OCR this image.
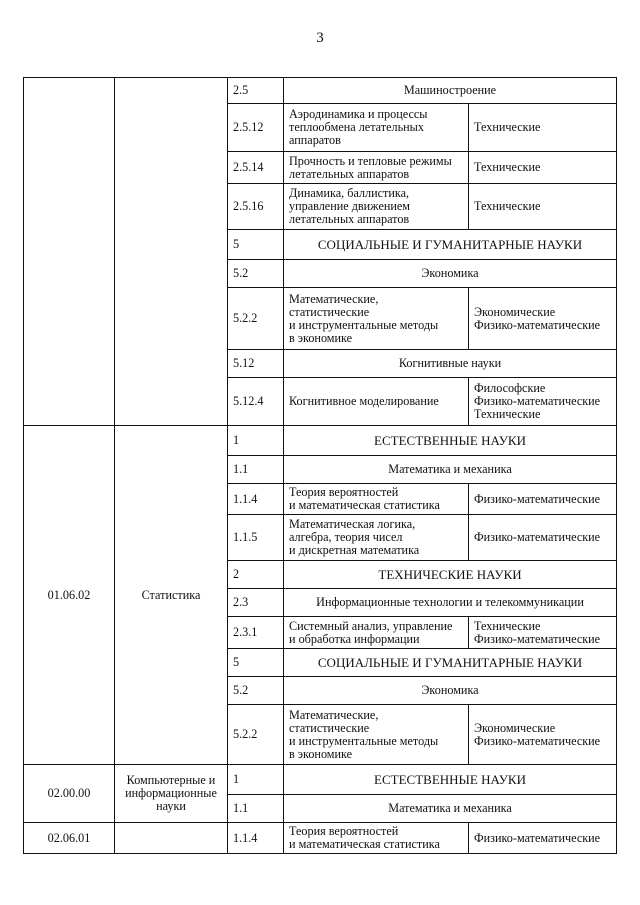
3
		2.5	Машиностроение	
		2.5.12	Аэродинамика и процессы
теплообмена летательных
аппаратов	Технические
		2.5.14	Прочность и тепловые режимы
летательных аппаратов	Технические
		2.5.16	Динамика, баллистика,
управление движением
летательных аппаратов	Технические
		5	СОЦИАЛЬНЫЕ И ГУМАНИТАРНЫЕ НАУКИ	
		5.2	Экономика	
		5.2.2	Математические,
статистические
и инструментальные методы
в экономике	Экономические
Физико-математические
		5.12	Когнитивные науки	
		5.12.4	Когнитивное моделирование	Философские
Физико-математические
Технические
01.06.02	Статистика	1	ЕСТЕСТВЕННЫЕ НАУКИ	
		1.1	Математика и механика	
		1.1.4	Теория вероятностей
и математическая статистика	Физико-математические
		1.1.5	Математическая логика,
алгебра, теория чисел
и дискретная математика	Физико-математические
		2	ТЕХНИЧЕСКИЕ НАУКИ	
		2.3	Информационные технологии и телекоммуникации	
		2.3.1	Системный анализ, управление
и обработка информации	Технические
Физико-математические
		5	СОЦИАЛЬНЫЕ И ГУМАНИТАРНЫЕ НАУКИ	
		5.2	Экономика	
		5.2.2	Математические,
статистические
и инструментальные методы
в экономике	Экономические
Физико-математические
02.00.00	Компьютерные и
информационные
науки	1	ЕСТЕСТВЕННЫЕ НАУКИ	
		1.1	Математика и механика	
02.06.01		1.1.4	Теория вероятностей
и математическая статистика	Физико-математические
